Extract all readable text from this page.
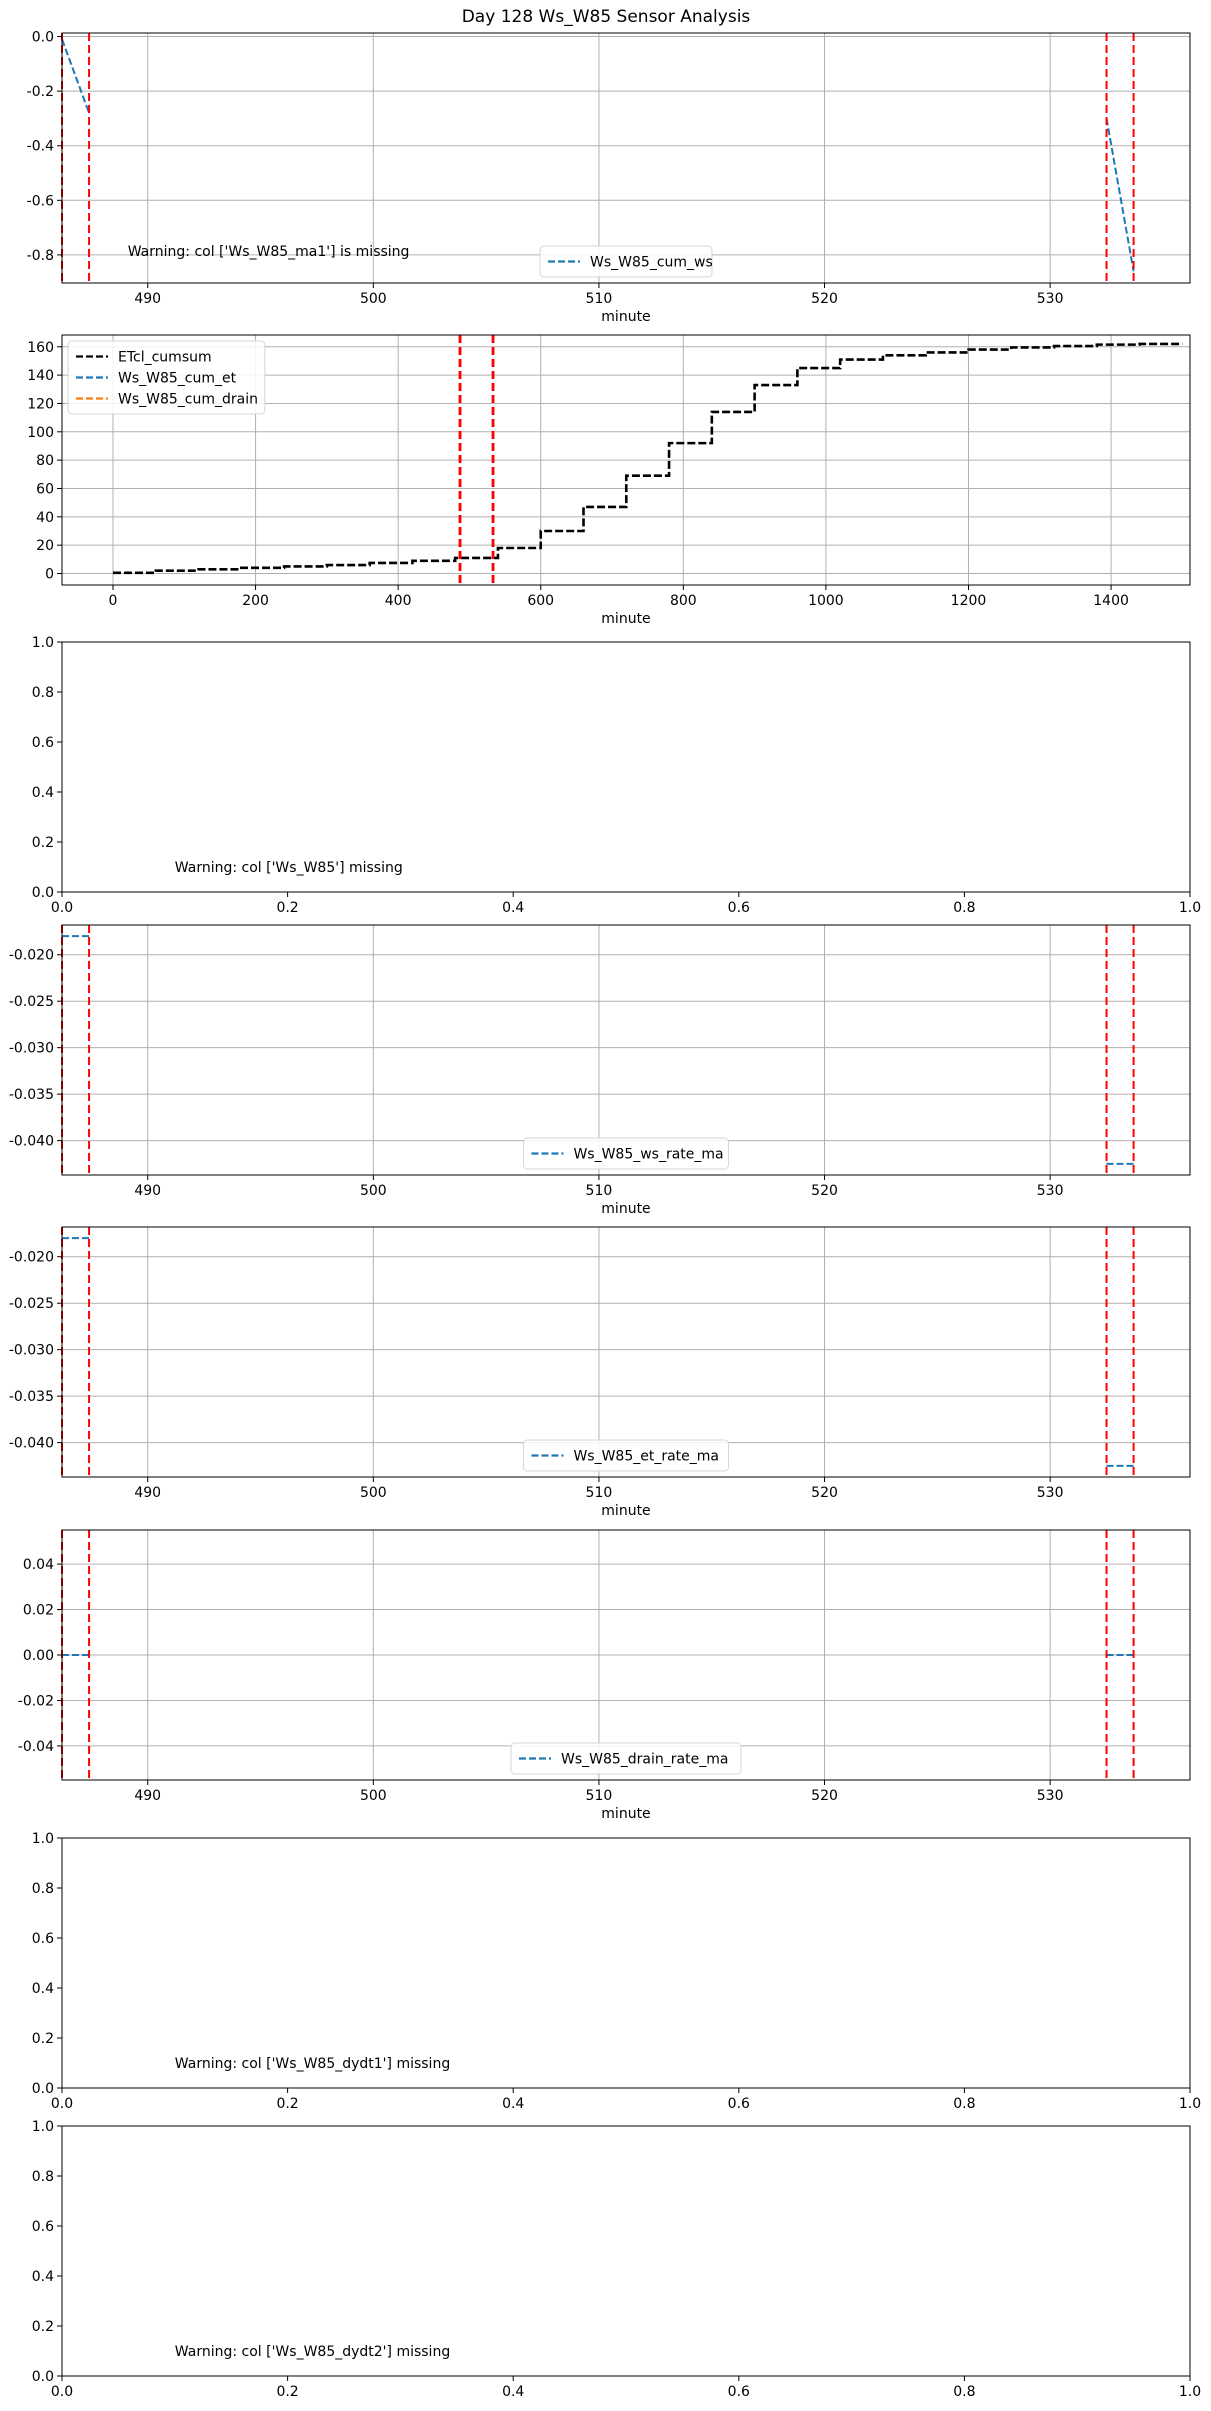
Day 128 Ws_W85 Sensor Analysis
490	500	510	520	530
0.0
-0.2
-0.4
-0.6
-0.8
minute
Warning: col ['Ws_W85_ma1'] is missing
Ws_W85_cum_ws
0	200	400	600	800	1000	1200	1400
0
20
40
60
80
100
120
140
160
minute
ETcl_cumsum
Ws_W85_cum_et
Ws_W85_cum_drain
0.0	0.2	0.4	0.6	0.8	1.0
0.0
0.2
0.4
0.6
0.8
1.0
Warning: col ['Ws_W85'] missing
490	500	510	520	530
-0.020
-0.025
-0.030
-0.035
-0.040
minute
Ws_W85_ws_rate_ma
490	500	510	520	530
-0.020
-0.025
-0.030
-0.035
-0.040
minute
Ws_W85_et_rate_ma
490	500	510	520	530
0.04
0.02
0.00
-0.02
-0.04
minute
Ws_W85_drain_rate_ma
0.0	0.2	0.4	0.6	0.8	1.0
0.0
0.2
0.4
0.6
0.8
1.0
Warning: col ['Ws_W85_dydt1'] missing
0.0	0.2	0.4	0.6	0.8	1.0
0.0
0.2
0.4
0.6
0.8
1.0
Warning: col ['Ws_W85_dydt2'] missing
